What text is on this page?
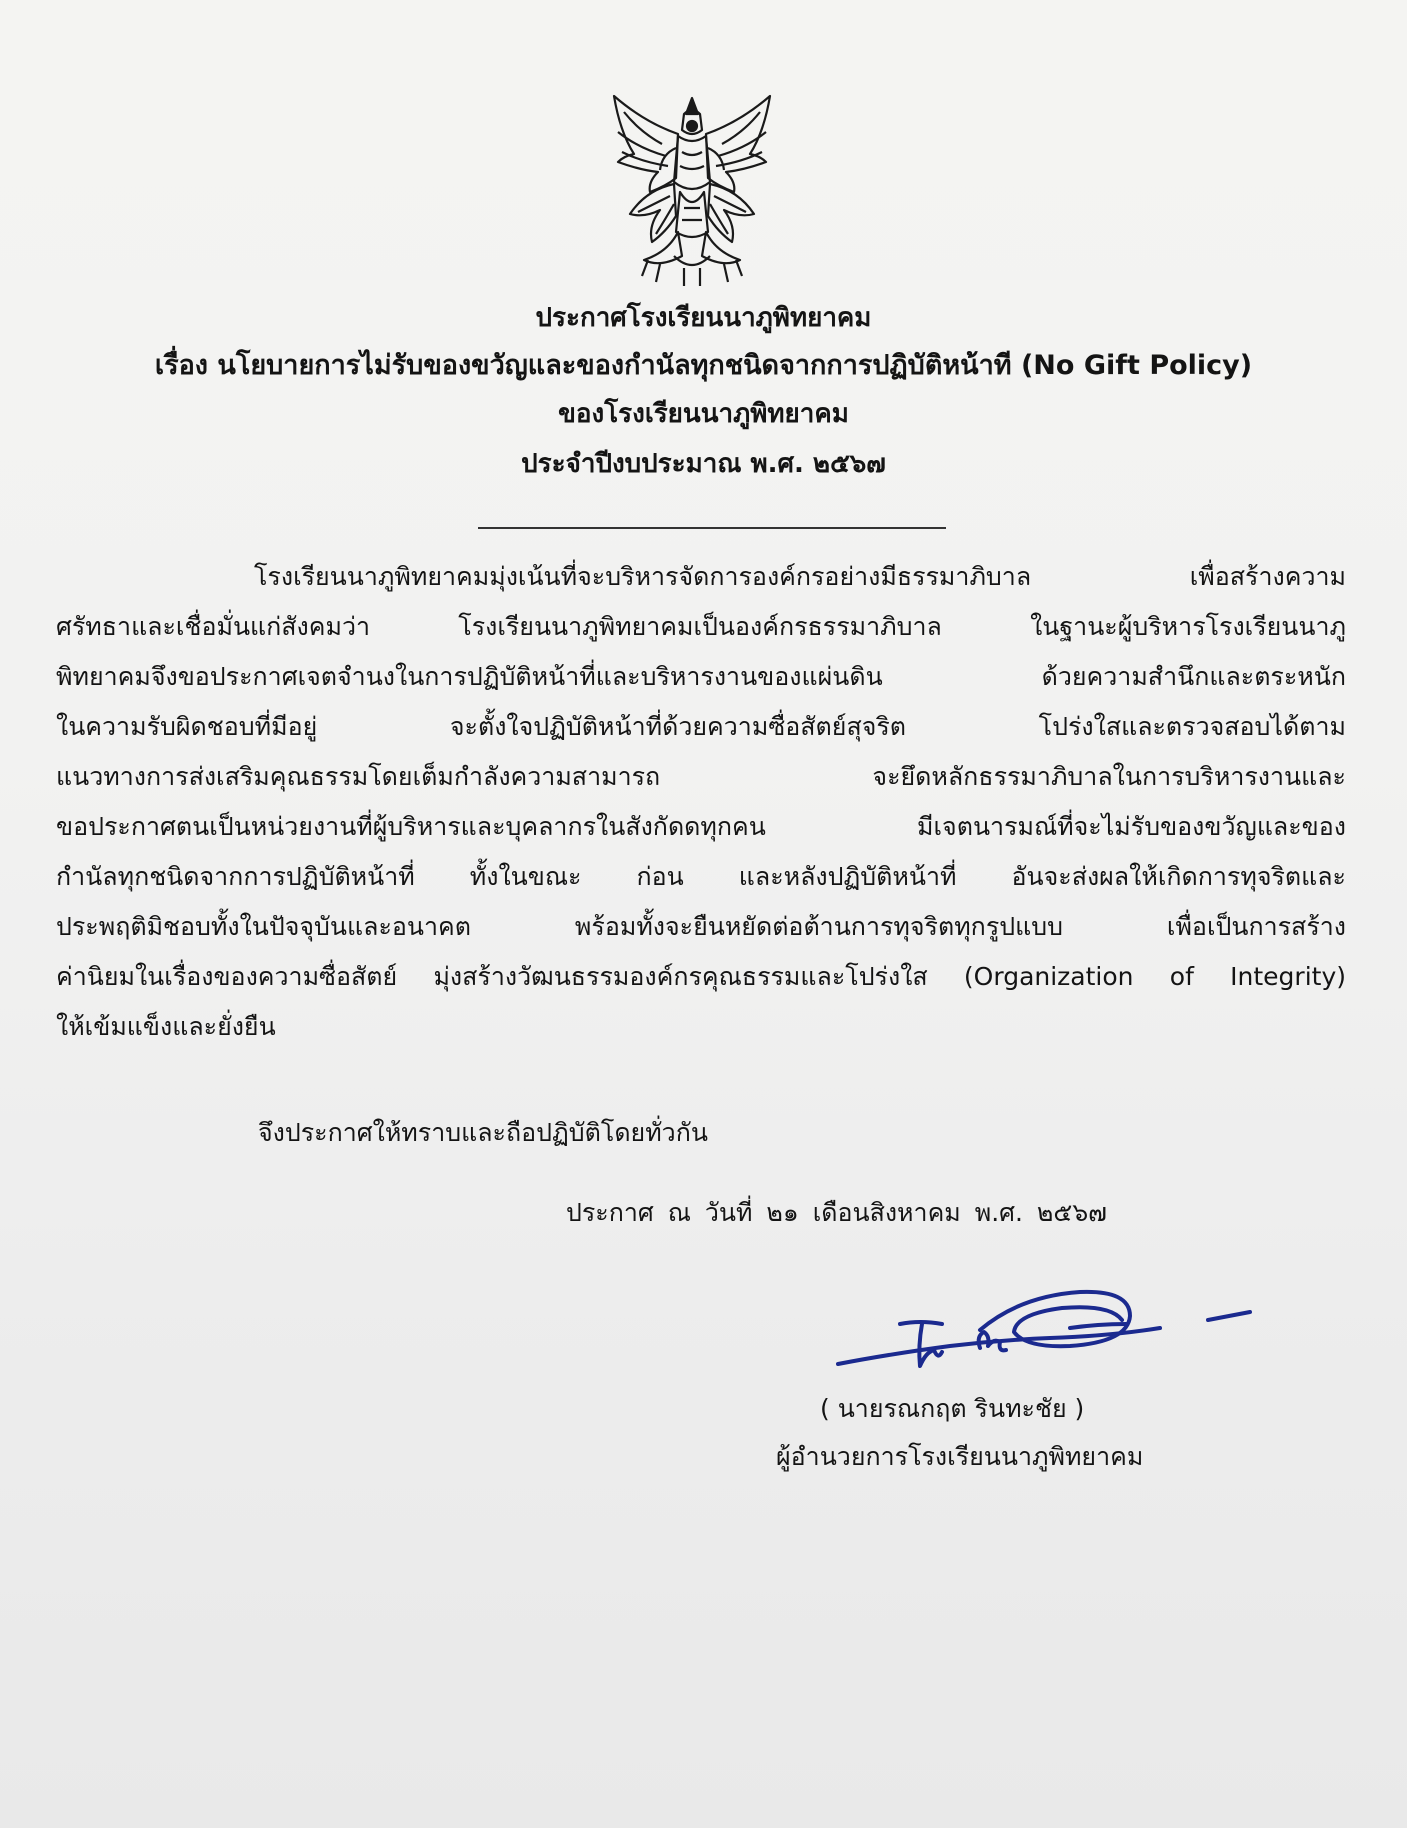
ประกาศโรงเรียนนาภูพิทยาคม
เรื่อง นโยบายการไม่รับของขวัญและของกำนัลทุกชนิดจากการปฏิบัติหน้าที (No Gift Policy)
ของโรงเรียนนาภูพิทยาคม
ประจำปีงบประมาณ พ.ศ. ๒๕๖๗
โรงเรียนนาภูพิทยาคมมุ่งเน้นที่จะบริหารจัดการองค์กรอย่างมีธรรมาภิบาล เพื่อสร้างความ
ศรัทธาและเชื่อมั่นแก่สังคมว่า โรงเรียนนาภูพิทยาคมเป็นองค์กรธรรมาภิบาล ในฐานะผู้บริหารโรงเรียนนาภู
พิทยาคมจึงขอประกาศเจตจำนงในการปฏิบัติหน้าที่และบริหารงานของแผ่นดิน ด้วยความสำนึกและตระหนัก
ในความรับผิดชอบที่มีอยู่ จะตั้งใจปฏิบัติหน้าที่ด้วยความซื่อสัตย์สุจริต โปร่งใสและตรวจสอบได้ตาม
แนวทางการส่งเสริมคุณธรรมโดยเต็มกำลังความสามารถ จะยึดหลักธรรมาภิบาลในการบริหารงานและ
ขอประกาศตนเป็นหน่วยงานที่ผู้บริหารและบุคลากรในสังกัดดทุกคน มีเจตนารมณ์ที่จะไม่รับของขวัญและของ
กำนัลทุกชนิดจากการปฏิบัติหน้าที่ ทั้งในขณะ ก่อน และหลังปฏิบัติหน้าที่ อันจะส่งผลให้เกิดการทุจริตและ
ประพฤติมิชอบทั้งในปัจจุบันและอนาคต พร้อมทั้งจะยืนหยัดต่อต้านการทุจริตทุกรูปแบบ เพื่อเป็นการสร้าง
ค่านิยมในเรื่องของความซื่อสัตย์ มุ่งสร้างวัฒนธรรมองค์กรคุณธรรมและโปร่งใส (Organization of Integrity)
ให้เข้มแข็งและยั่งยืน
จึงประกาศให้ทราบและถือปฏิบัติโดยทั่วกัน
ประกาศ ณ วันที่ ๒๑ เดือนสิงหาคม พ.ศ. ๒๕๖๗
( นายรณกฤต รินทะชัย )
ผู้อำนวยการโรงเรียนนาภูพิทยาคม
